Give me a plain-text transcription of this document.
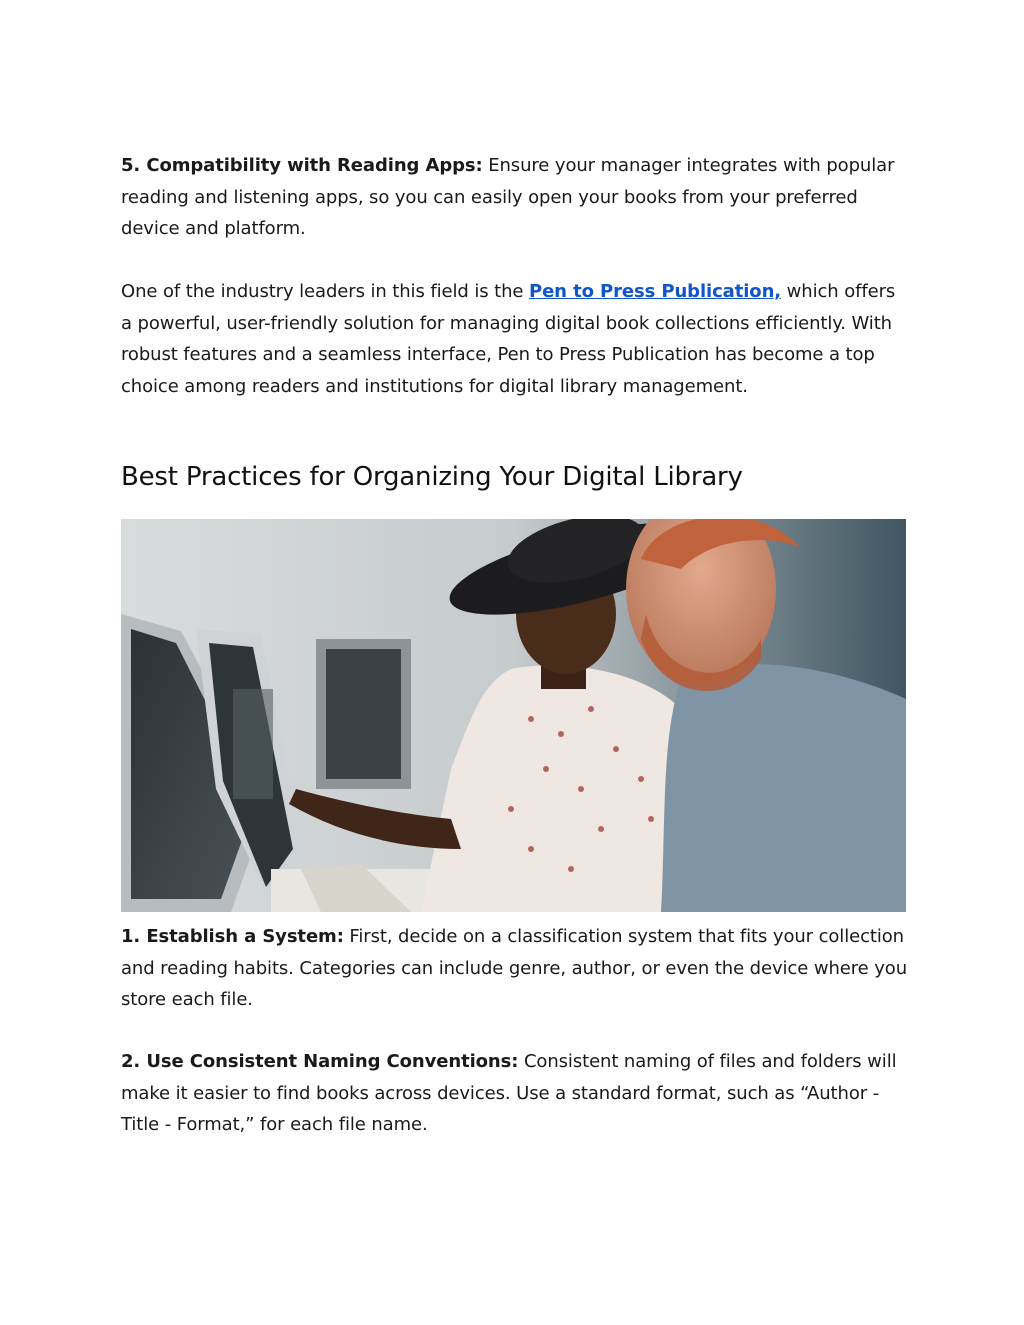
5. Compatibility with Reading Apps: Ensure your manager integrates with popular reading and listening apps, so you can easily open your books from your preferred device and platform.

One of the industry leaders in this field is the Pen to Press Publication, which offers a powerful, user-friendly solution for managing digital book collections efficiently. With robust features and a seamless interface, Pen to Press Publication has become a top choice among readers and institutions for digital library management.

Best Practices for Organizing Your Digital Library

1. Establish a System: First, decide on a classification system that fits your collection and reading habits. Categories can include genre, author, or even the device where you store each file.

2. Use Consistent Naming Conventions: Consistent naming of files and folders will make it easier to find books across devices. Use a standard format, such as “Author - Title - Format,” for each file name.
